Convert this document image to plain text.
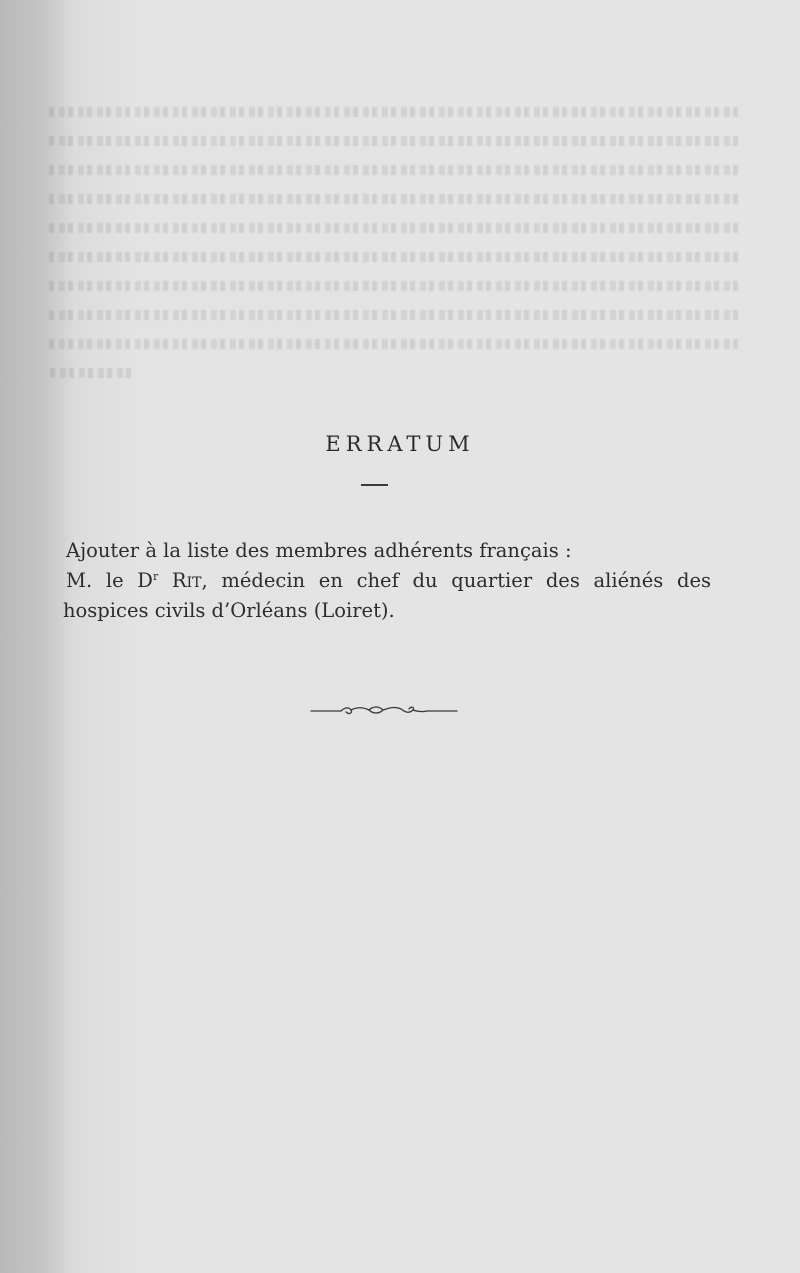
ERRATUM

Ajouter à la liste des membres adhérents français :

M. le $D^r$ Rit, médecin en chef du quartier des aliénés des hospices civils d’Orléans (Loiret).
